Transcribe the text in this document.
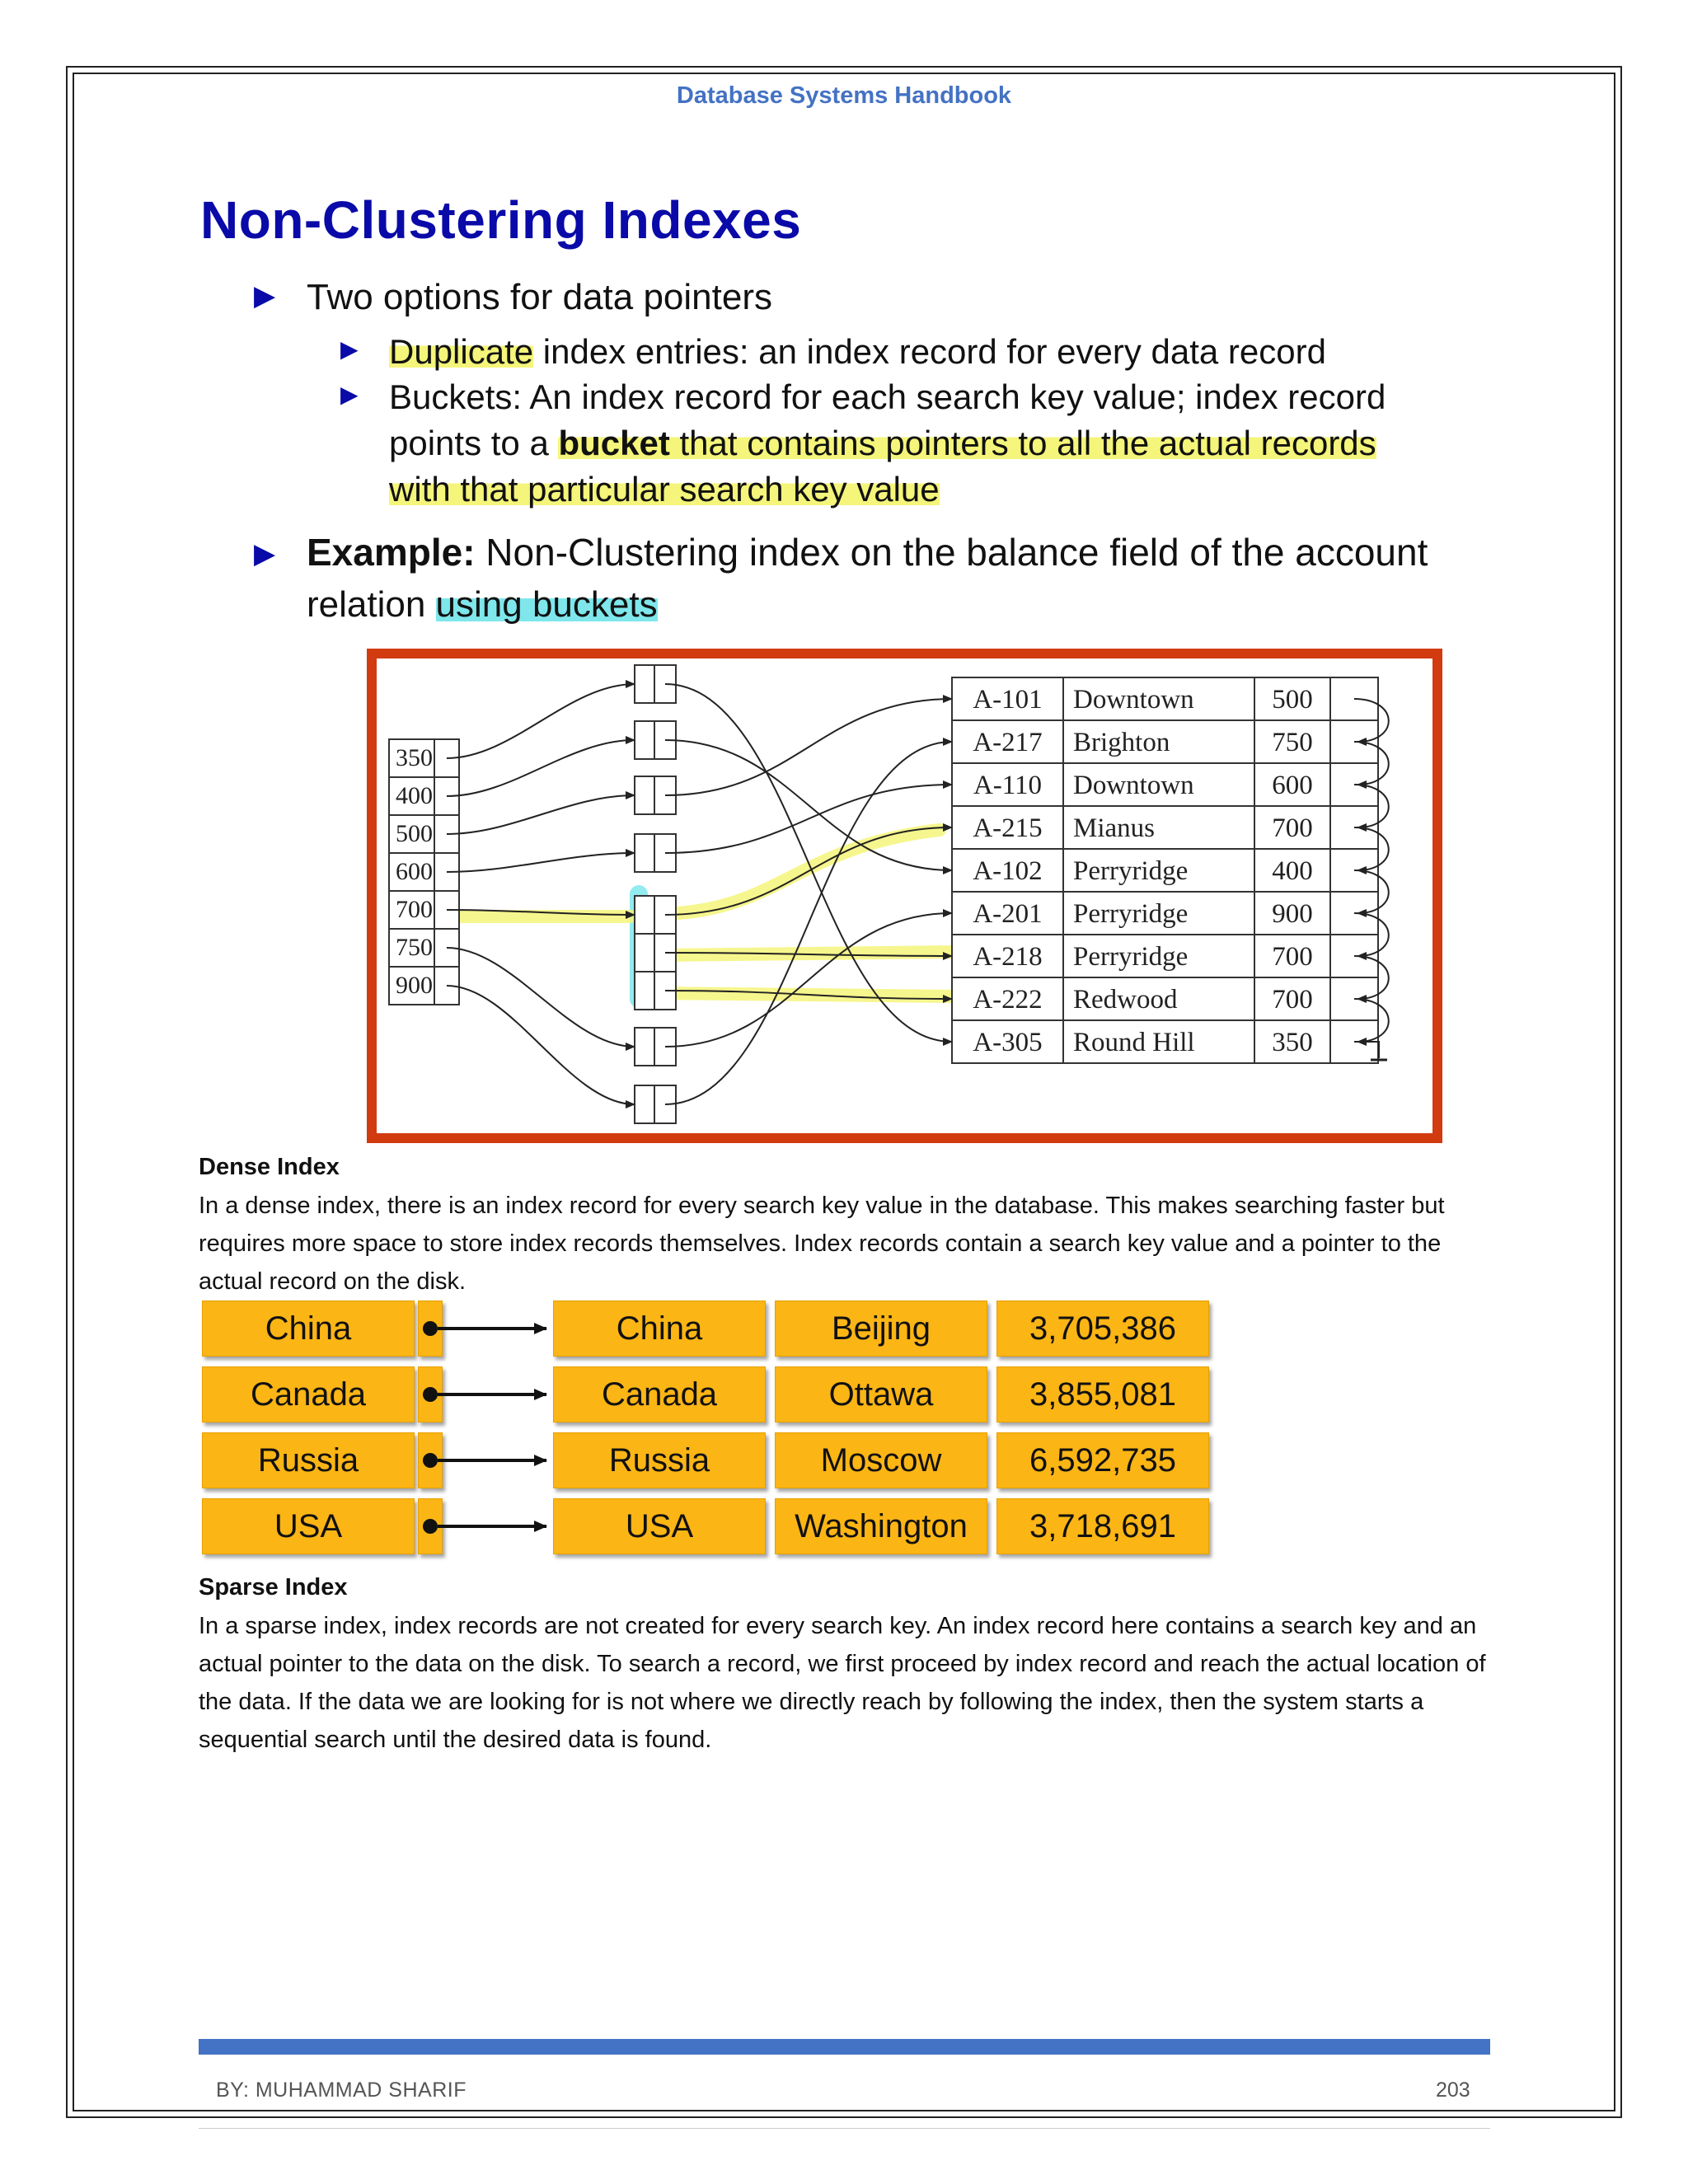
Database Systems Handbook
Non-Clustering Indexes
▶ Two options for data pointers
▶ Duplicate index entries: an index record for every data record
▶ Buckets: An index record for each search key value; index record
points to a bucket that contains pointers to all the actual records
with that particular search key value
▶ Example: Non-Clustering index on the balance field of the account
relation using buckets
350
400
500
600
700
750
900
A-101 Downtown	500
A-217 Brighton	750
A-110 Downtown	600
A-215 Mianus	700
A-102 Perryridge	400
A-201 Perryridge	900
A-218 Perryridge	700
A-222 Redwood	700
A-305 Round Hill	350
Dense Index
In a dense index, there is an index record for every search key value in the database. This makes searching faster but requires more space to store index records themselves. Index records contain a search key value and a pointer to the actual record on the disk.
China	China	Beijing	3,705,386
Canada	Canada	Ottawa	3,855,081
Russia	Russia	Moscow	6,592,735
USA	USA	Washington	3,718,691
Sparse Index
In a sparse index, index records are not created for every search key. An index record here contains a search key and an actual pointer to the data on the disk. To search a record, we first proceed by index record and reach the actual location of the data. If the data we are looking for is not where we directly reach by following the index, then the system starts a sequential search until the desired data is found.
BY: MUHAMMAD SHARIF	203
